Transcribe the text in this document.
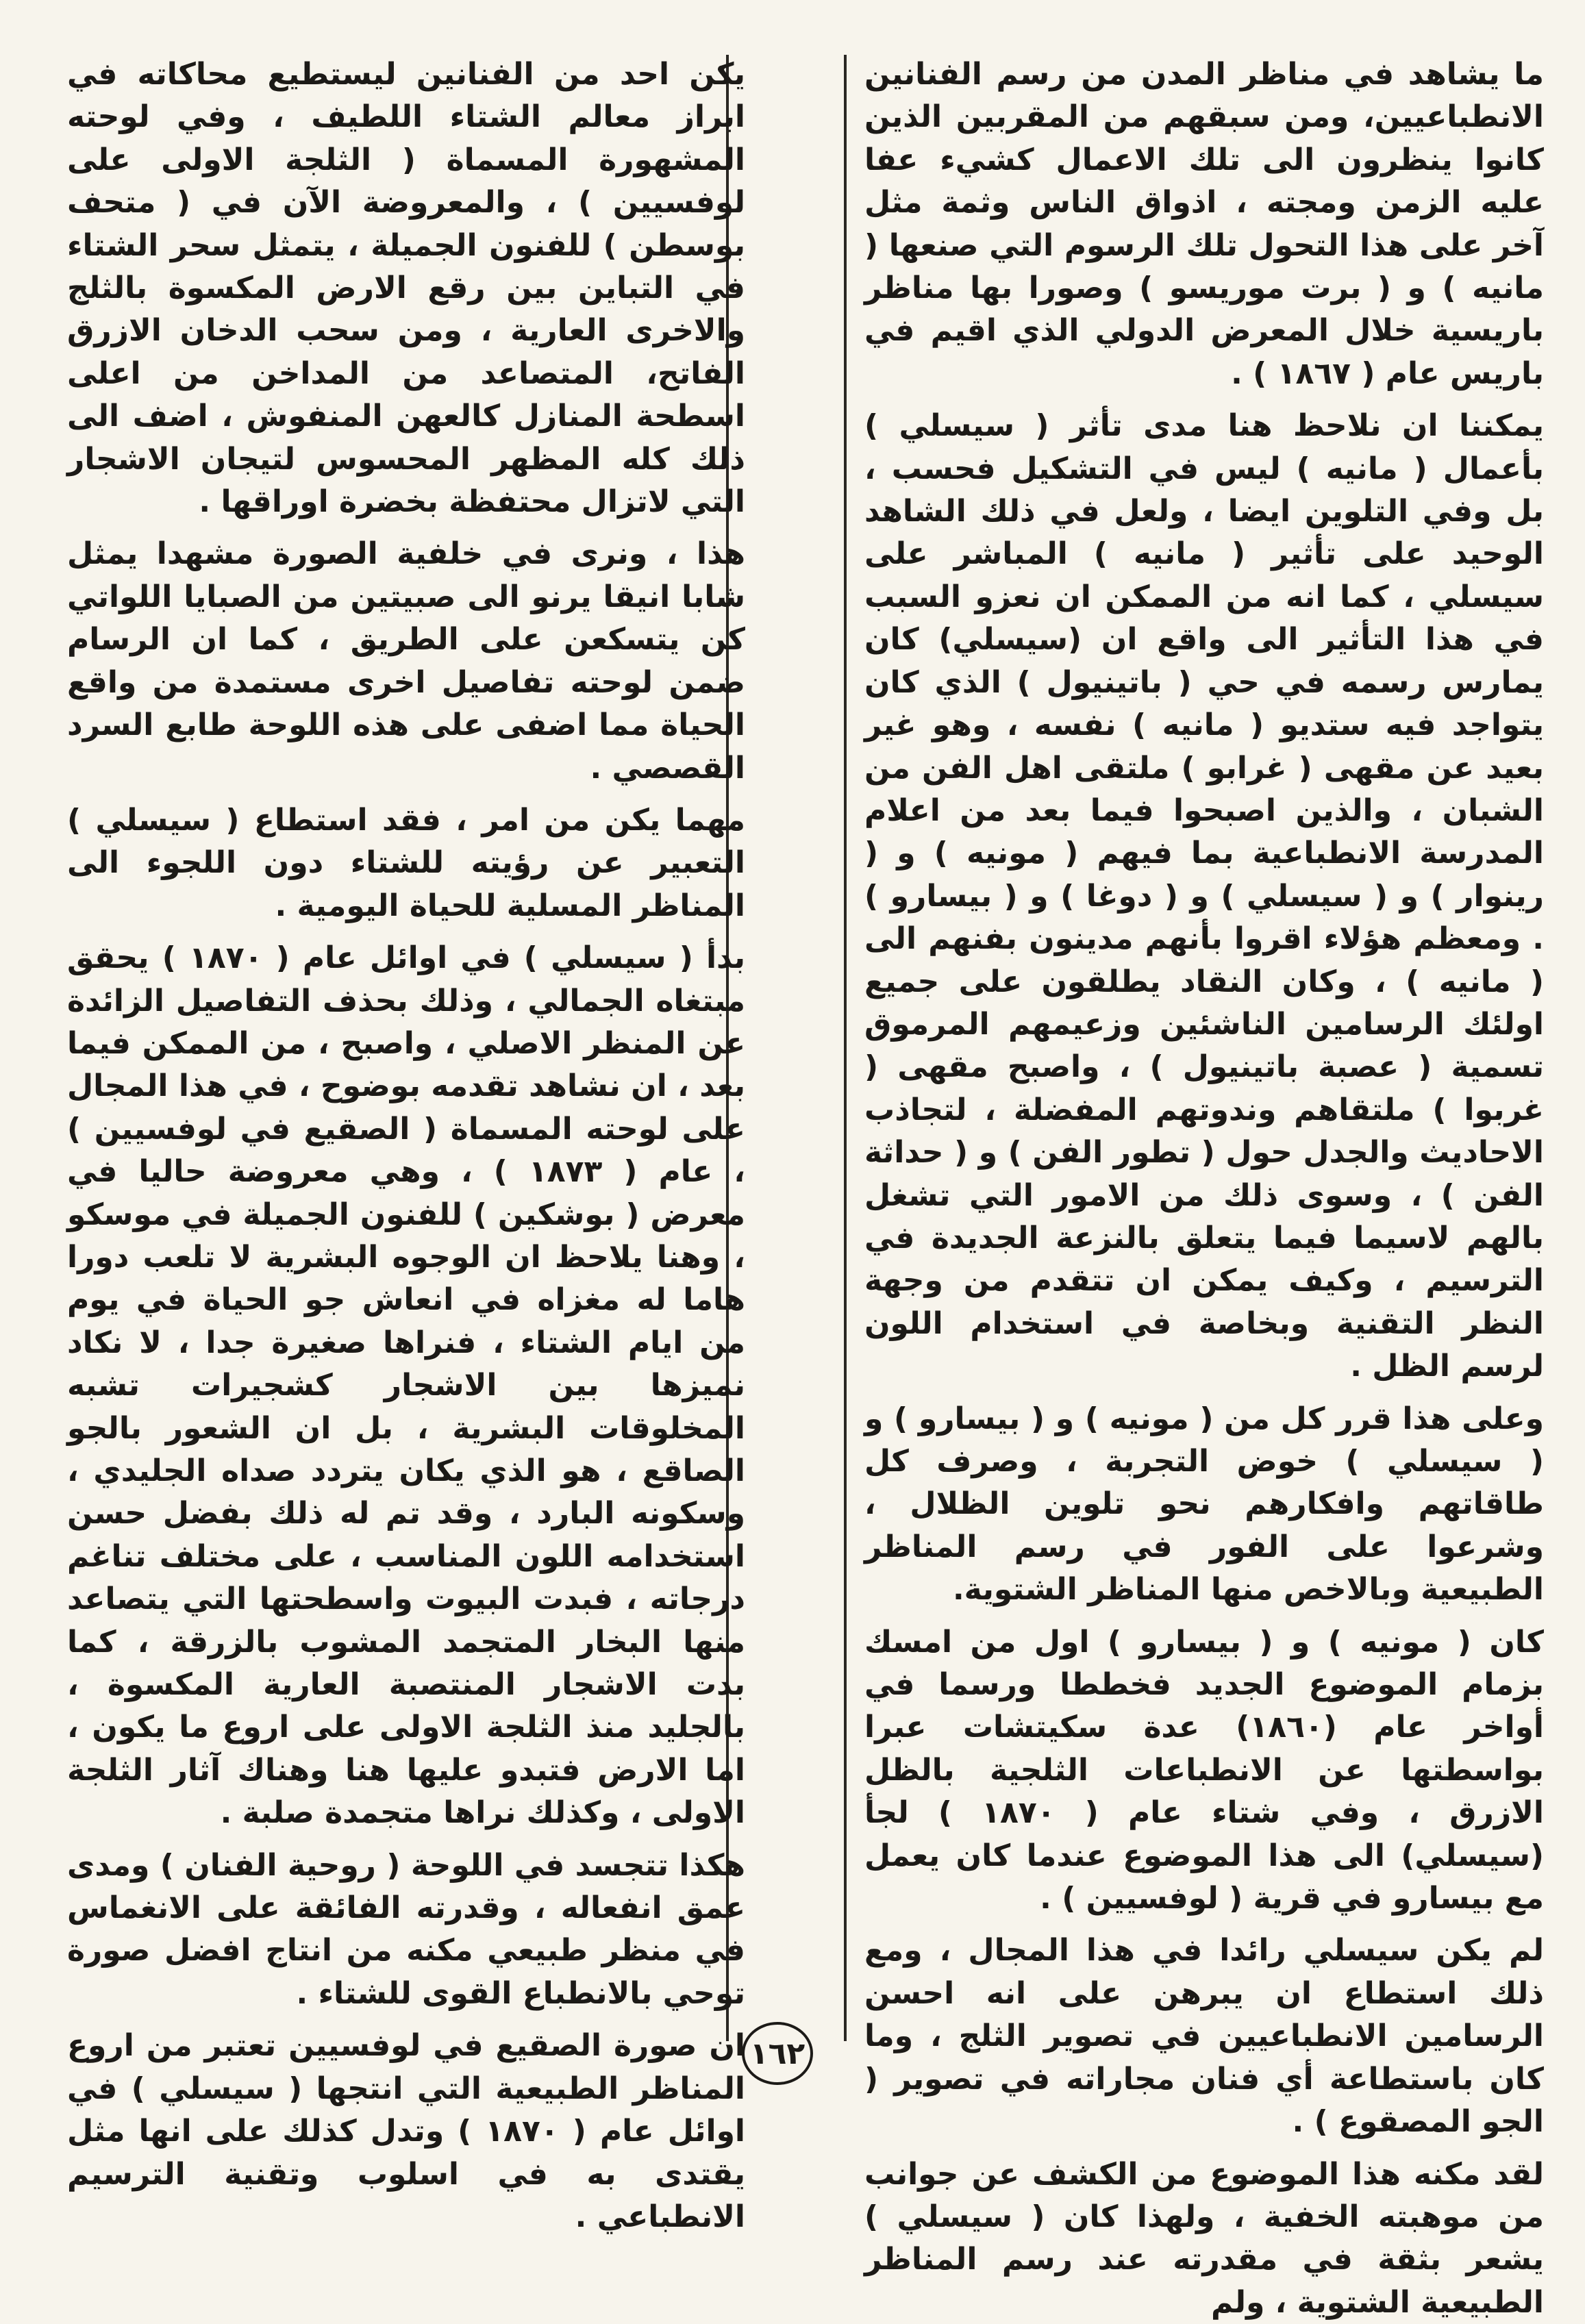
ما يشاهد في مناظر المدن من رسم الفنانين الانطباعيين، ومن سبقهم من المقربين الذين كانوا ينظرون الى تلك الاعمال كشيء عفا عليه الزمن ومجته ، اذواق الناس وثمة مثل آخر على هذا التحول تلك الرسوم التي صنعها ( مانيه ) و ( برت موريسو ) وصورا بها مناظر باريسية خلال المعرض الدولي الذي اقيم في باريس عام ( ١٨٦٧ ) .

يمكننا ان نلاحظ هنا مدى تأثر ( سيسلي ) بأعمال ( مانيه ) ليس في التشكيل فحسب ، بل وفي التلوين ايضا ، ولعل في ذلك الشاهد الوحيد على تأثير ( مانيه ) المباشر على سيسلي ، كما انه من الممكن ان نعزو السبب في هذا التأثير الى واقع ان (سيسلي) كان يمارس رسمه في حي ( باتينيول ) الذي كان يتواجد فيه ستديو ( مانيه ) نفسه ، وهو غير بعيد عن مقهى ( غرابو ) ملتقى اهل الفن من الشبان ، والذين اصبحوا فيما بعد من اعلام المدرسة الانطباعية بما فيهم ( مونيه ) و ( رينوار ) و ( سيسلي ) و ( دوغا ) و ( بيسارو ) . ومعظم هؤلاء اقروا بأنهم مدينون بفنهم الى ( مانيه ) ، وكان النقاد يطلقون على جميع اولئك الرسامين الناشئين وزعيمهم المرموق تسمية ( عصبة باتينيول ) ، واصبح مقهى ( غربوا ) ملتقاهم وندوتهم المفضلة ، لتجاذب الاحاديث والجدل حول ( تطور الفن ) و ( حداثة الفن ) ، وسوى ذلك من الامور التي تشغل بالهم لاسيما فيما يتعلق بالنزعة الجديدة في الترسيم ، وكيف يمكن ان تتقدم من وجهة النظر التقنية وبخاصة في استخدام اللون لرسم الظل .

وعلى هذا قرر كل من ( مونيه ) و ( بيسارو ) و ( سيسلي ) خوض التجربة ، وصرف كل طاقاتهم وافكارهم نحو تلوين الظلال ، وشرعوا على الفور في رسم المناظر الطبيعية وبالاخص منها المناظر الشتوية.

كان ( مونيه ) و ( بيسارو ) اول من امسك بزمام الموضوع الجديد فخططا ورسما في أواخر عام (١٨٦٠) عدة سكيتشات عبرا بواسطتها عن الانطباعات الثلجية بالظل الازرق ، وفي شتاء عام ( ١٨٧٠ ) لجأ (سيسلي) الى هذا الموضوع عندما كان يعمل مع بيسارو في قرية ( لوفسيين ) .

لم يكن سيسلي رائدا في هذا المجال ، ومع ذلك استطاع ان يبرهن على انه احسن الرسامين الانطباعيين في تصوير الثلج ، وما كان باستطاعة أي فنان مجاراته في تصوير ( الجو المصقوع ) .

لقد مكنه هذا الموضوع من الكشف عن جوانب من موهبته الخفية ، ولهذا كان ( سيسلي ) يشعر بثقة في مقدرته عند رسم المناظر الطبيعية الشتوية ، ولم

يكن احد من الفنانين ليستطيع محاكاته في ابراز معالم الشتاء اللطيف ، وفي لوحته المشهورة المسماة ( الثلجة الاولى على لوفسيين ) ، والمعروضة الآن في ( متحف بوسطن ) للفنون الجميلة ، يتمثل سحر الشتاء في التباين بين رقع الارض المكسوة بالثلج والاخرى العارية ، ومن سحب الدخان الازرق الفاتح، المتصاعد من المداخن من اعلى اسطحة المنازل كالعهن المنفوش ، اضف الى ذلك كله المظهر المحسوس لتيجان الاشجار التي لاتزال محتفظة بخضرة اوراقها .

هذا ، ونرى في خلفية الصورة مشهدا يمثل شابا انيقا يرنو الى صبيتين من الصبايا اللواتي كن يتسكعن على الطريق ، كما ان الرسام ضمن لوحته تفاصيل اخرى مستمدة من واقع الحياة مما اضفى على هذه اللوحة طابع السرد القصصي .

مهما يكن من امر ، فقد استطاع ( سيسلي ) التعبير عن رؤيته للشتاء دون اللجوء الى المناظر المسلية للحياة اليومية .

بدأ ( سيسلي ) في اوائل عام ( ١٨٧٠ ) يحقق مبتغاه الجمالي ، وذلك بحذف التفاصيل الزائدة عن المنظر الاصلي ، واصبح ، من الممكن فيما بعد ، ان نشاهد تقدمه بوضوح ، في هذا المجال على لوحته المسماة ( الصقيع في لوفسيين ) ، عام ( ١٨٧٣ ) ، وهي معروضة حاليا في معرض ( بوشكين ) للفنون الجميلة في موسكو ، وهنا يلاحظ ان الوجوه البشرية لا تلعب دورا هاما له مغزاه في انعاش جو الحياة في يوم من ايام الشتاء ، فنراها صغيرة جدا ، لا نكاد نميزها بين الاشجار كشجيرات تشبه المخلوقات البشرية ، بل ان الشعور بالجو الصاقع ، هو الذي يكان يتردد صداه الجليدي ، وسكونه البارد ، وقد تم له ذلك بفضل حسن استخدامه اللون المناسب ، على مختلف تناغم درجاته ، فبدت البيوت واسطحتها التي يتصاعد منها البخار المتجمد المشوب بالزرقة ، كما بدت الاشجار المنتصبة العارية المكسوة ، بالجليد منذ الثلجة الاولى على اروع ما يكون ، اما الارض فتبدو عليها هنا وهناك آثار الثلجة الاولى ، وكذلك نراها متجمدة صلبة .

هكذا تتجسد في اللوحة ( روحية الفنان ) ومدى عمق انفعاله ، وقدرته الفائقة على الانغماس في منظر طبيعي مكنه من انتاج افضل صورة توحي بالانطباع القوى للشتاء .

ان صورة الصقيع في لوفسيين تعتبر من اروع المناظر الطبيعية التي انتجها ( سيسلي ) في اوائل عام ( ١٨٧٠ ) وتدل كذلك على انها مثل يقتدى به في اسلوب وتقنية الترسيم الانطباعي .

١٦٢
